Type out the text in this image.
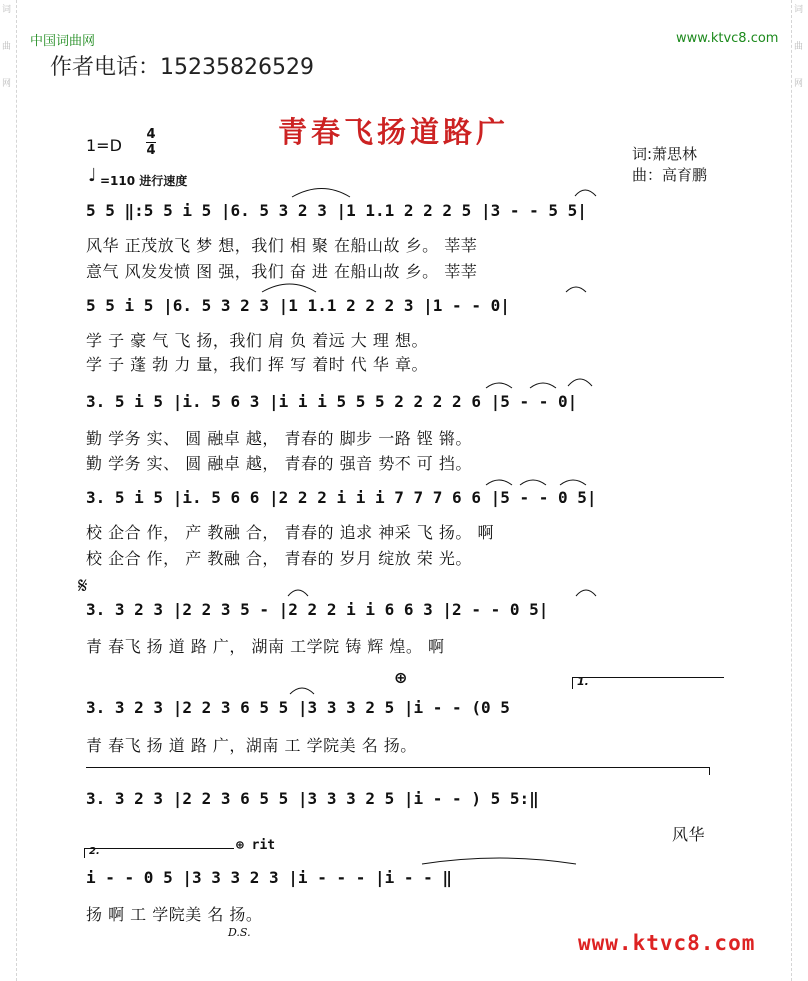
词曲网	词曲网
中国词曲网	www.ktvc8.com
作者电话：15235826529
青春飞扬道路广
1=D
4
4
♩ =110 进行速度
词:萧思林
曲：高育鹏
5 5 ‖:5 5 i 5 |6. 5 3 2 3 |1 1.1 2 2 2 5 |3 - - 5 5|
风华 正茂放飞 梦 想，我们 相 聚 在船山故 乡。 莘莘
意气 风发发愤 图 强，我们 奋 进 在船山故 乡。 莘莘
5 5 i 5 |6. 5 3 2 3 |1 1.1 2 2 2 3 |1 - - 0|
学 子 豪 气 飞 扬，我们 肩 负 着远 大 理 想。
学 子 蓬 勃 力 量，我们 挥 写 着时 代 华 章。
3. 5 i 5 |i. 5 6 3 |i i i 5 5 5 2 2 2 2 6 |5 - - 0|
勤 学务 实、 圆 融卓 越， 青春的 脚步 一路 铿 锵。
勤 学务 实、 圆 融卓 越， 青春的 强音 势不 可 挡。
3. 5 i 5 |i. 5 6 6 |2 2 2 i i i 7 7 7 6 6 |5 - - 0 5|
校 企合 作， 产 教融 合， 青春的 追求 神采 飞 扬。 啊
校 企合 作， 产 教融 合， 青春的 岁月 绽放 荣 光。
𝄋
3. 3 2 3 |2 2 3 5 - |2 2 2 i i 6 6 3 |2 - - 0 5|
青 春飞 扬 道 路 广， 湖南 工学院 铸 辉 煌。 啊
⊕	1.
3. 3 2 3 |2 2 3 6 5 5 |3 3 3 2 5 |i - - (0 5
青 春飞 扬 道 路 广，湖南 工 学院美 名 扬。
3. 3 2 3 |2 2 3 6 5 5 |3 3 3 2 5 |i - - ) 5 5:‖
风华
2.	⊕ rit
i - - 0 5 |3 3 3 2 3 |i - - - |i - - ‖
扬 啊 工 学院美 名 扬。
D.S.	www.ktvc8.com
